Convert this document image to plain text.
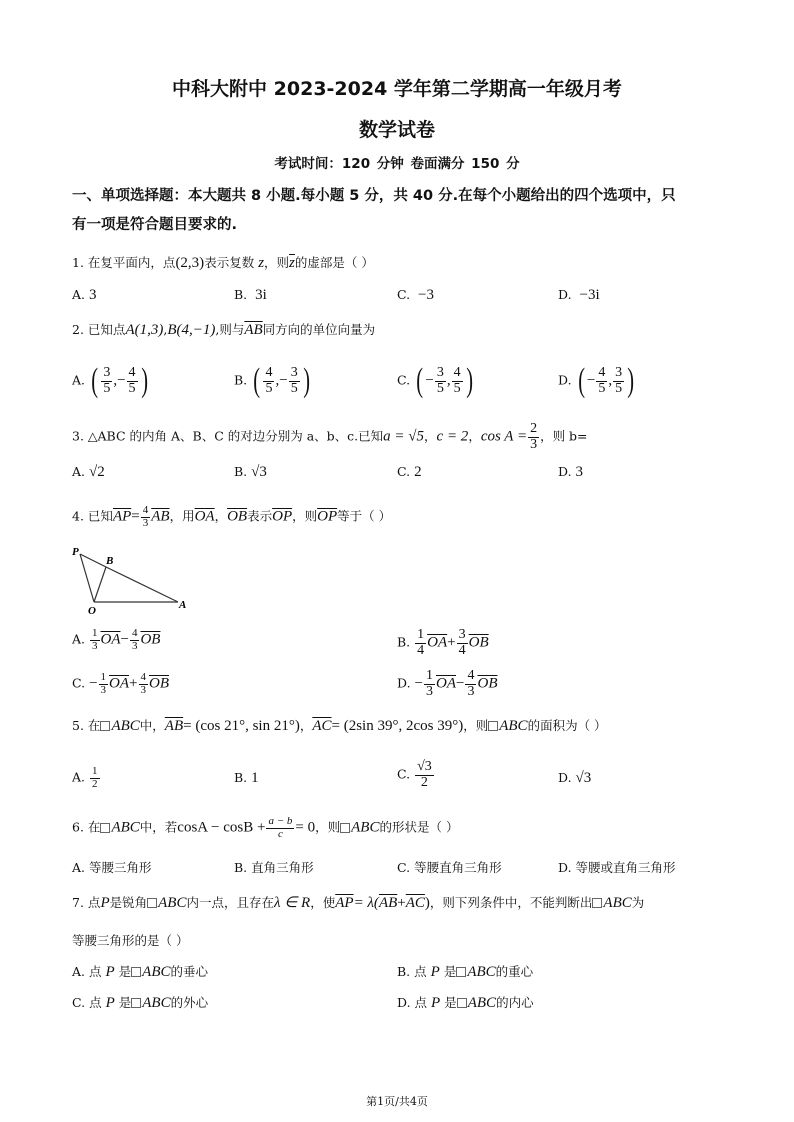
中科大附中 2023-2024 学年第二学期高一年级月考
数学试卷
考试时间：120 分钟 卷面满分 150 分
一、单项选择题：本大题共 8 小题.每小题 5 分，共 40 分.在每个小题给出的四个选项中，只
有一项是符合题目要求的.
1. 在复平面内，点(2,3)表示复数 z，则$\overline{z}$的虚部是（ ）
A. 3	B. 3i	C. −3	D. −3i
2. 已知点A(1,3),B(4,−1),则与$\overline{AB}$同方向的单位向量为
A. ( $\frac{3}{5}$ ,− $\frac{4}{5}$ )	B. ( $\frac{4}{5}$ ,− $\frac{3}{5}$ )	C. ( − $\frac{3}{5}$ , $\frac{4}{5}$ )	D. ( − $\frac{4}{5}$ , $\frac{3}{5}$ )
3. △ABC 的内角 A、B、C 的对边分别为 a、b、c.已知a = √5，c = 2，$\cos A = \frac{2}{3}$ ，则 b=
A. √2	B. √3	C. 2	D. 3
4. 已知$\overline{AP}= \frac{4}{3} \overline{AB}$，用$\overline{OA}$，$\overline{OB}$表示$\overline{OP}$，则$\overline{OP}$等于（ ）
P
B
O	A
A. $\frac{1}{3} \overline{OA}- \frac{4}{3} \overline{OB}$	B. $\frac{1}{4} \overline{OA}+ \frac{3}{4} \overline{OB}$
C. − $\frac{1}{3} \overline{OA}+ \frac{4}{3} \overline{OB}$	D. − $\frac{1}{3} \overline{OA}- \frac{4}{3} \overline{OB}$
5. 在 ABC中，$\overline{AB}= (\cos$ 21°, sin 21°)，$\overline{AC}= (2\sin$ 39°, 2cos 39°)，则 ABC的面积为（ ）
A. $\frac{1}{2}$	B. 1	C. $\frac{√3}{2}$	D. √3
6. 在 ABC中，若$\cos A - \cos B + \frac{a - b}{c} = 0$，则 ABC的形状是（ ）
A. 等腰三角形	B. 直角三角形	C. 等腰直角三角形	D. 等腰或直角三角形
7. 点P是锐角 ABC内一点，且存在λ ∈ R，使$\overline{AP}= \lambda(\overline{AB}+\overline{AC})$，则下列条件中，不能判断出 ABC为
等腰三角形的是（ ）
A. 点 P 是 ABC的垂心	B. 点 P 是 ABC的重心
C. 点 P 是 ABC的外心	D. 点 P 是 ABC的内心
第1页/共4页
